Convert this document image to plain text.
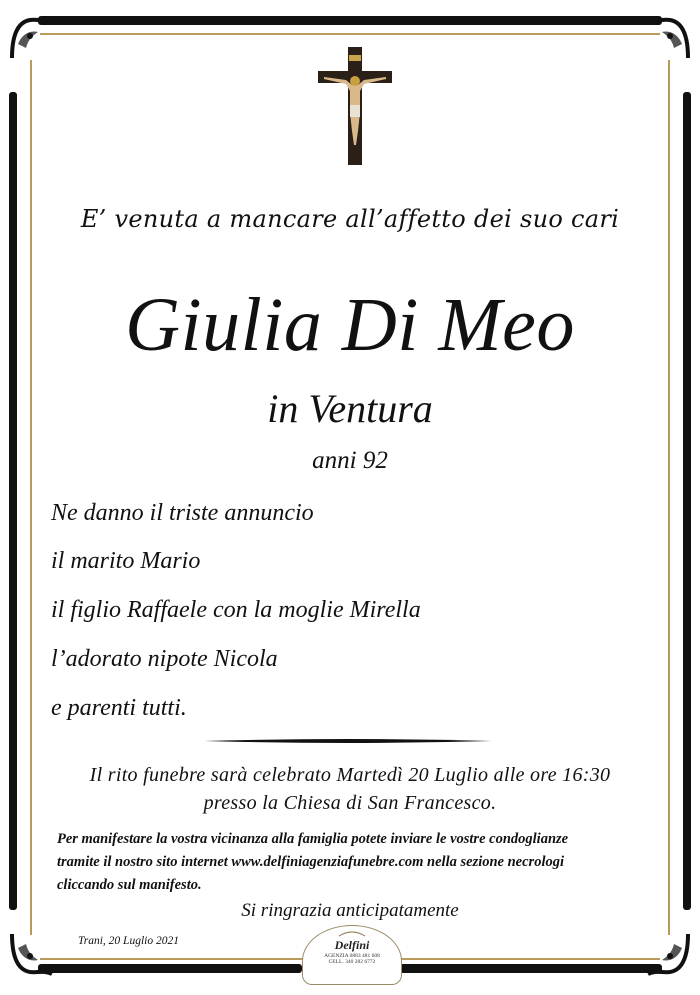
E’ venuta a mancare all’affetto dei suo cari
Giulia Di Meo
in Ventura
anni 92
Ne danno il triste annuncio
il marito Mario
il figlio Raffaele con la moglie Mirella
l’adorato nipote Nicola
e parenti tutti.
Il rito funebre sarà celebrato Martedì 20 Luglio alle ore 16:30
presso la Chiesa di San Francesco.
Per manifestare la vostra vicinanza alla famiglia potete inviare le vostre condoglianze
tramite il nostro sito internet www.delfiniagenziafunebre.com nella sezione necrologi
cliccando sul manifesto.
Si ringrazia anticipatamente
Trani, 20 Luglio 2021	Delfini
AGENZIA 0883 481 608
CELL. 340 282 6772
